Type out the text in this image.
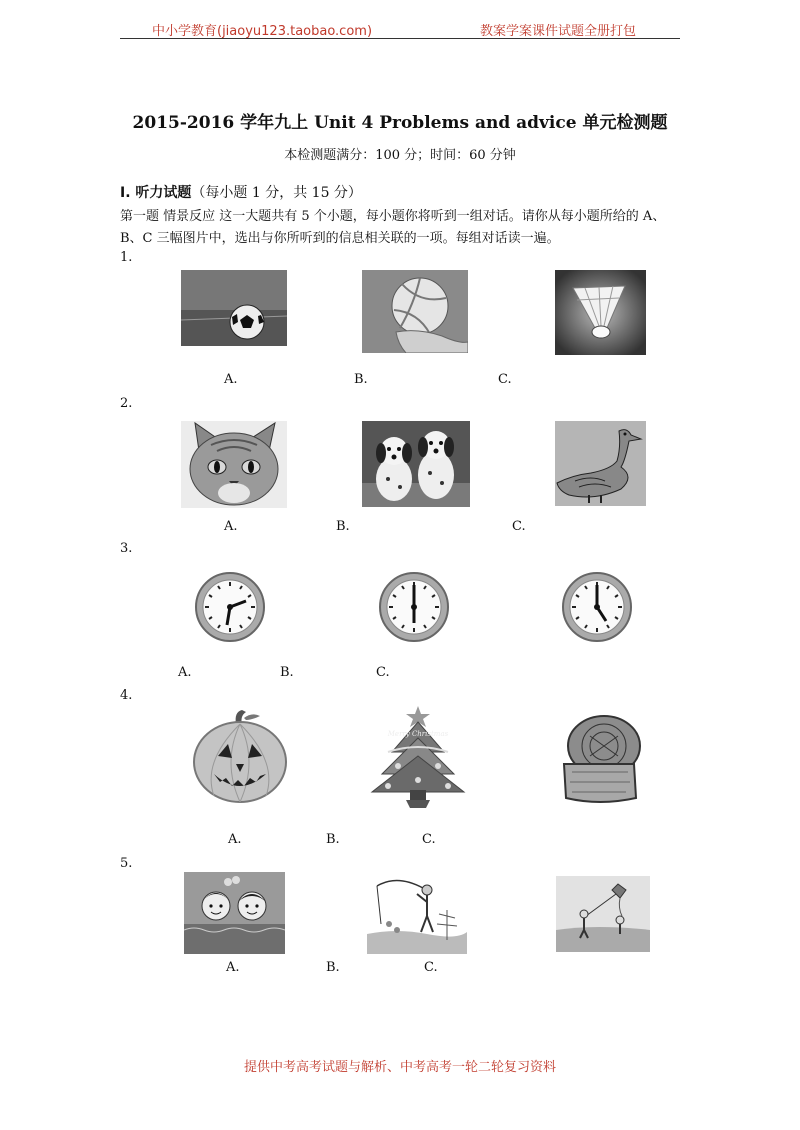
中小学教育(jiaoyu123.taobao.com)	教案学案课件试题全册打包
2015-2016 学年九上 Unit 4 Problems and advice 单元检测题
本检测题满分：100 分；时间：60 分钟
Ⅰ. 听力试题（每小题 1 分，共 15 分）
第一题 情景反应 这一大题共有 5 个小题，每小题你将听到一组对话。请你从每小题所给的 A、B、C 三幅图片中，选出与你所听到的信息相关联的一项。每组对话读一遍。
1.
A.	B.	C.
2.
A.	B.	C.
3.
A.	B.	C.
4.
Merry Christmas
A.	B.	C.
5.
A.	B.	C.
提供中考高考试题与解析、中考高考一轮二轮复习资料
